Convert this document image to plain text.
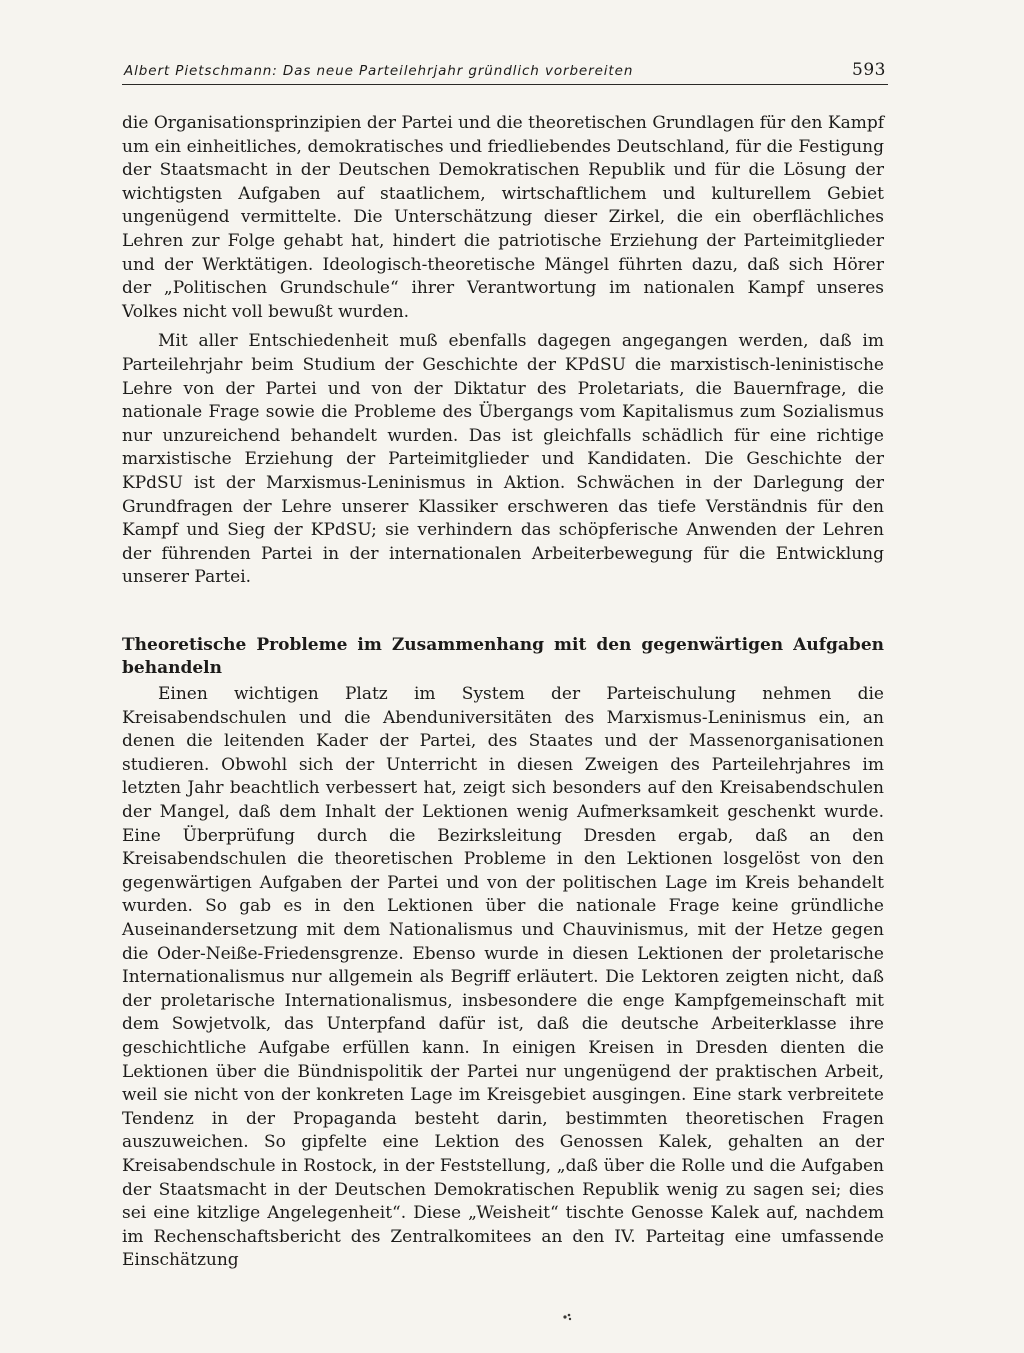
Albert Pietschmann: Das neue Parteilehrjahr gründlich vorbereiten	593

die Organisationsprinzipien der Partei und die theoretischen Grundlagen für den Kampf um ein einheitliches, demokratisches und friedliebendes Deutschland, für die Festigung der Staatsmacht in der Deutschen Demokratischen Republik und für die Lösung der wichtigsten Aufgaben auf staatlichem, wirtschaftlichem und kulturellem Gebiet ungenügend vermittelte. Die Unterschätzung dieser Zirkel, die ein oberflächliches Lehren zur Folge gehabt hat, hindert die patriotische Erziehung der Parteimitglieder und der Werktätigen. Ideologisch-theoretische Mängel führten dazu, daß sich Hörer der „Politischen Grundschule“ ihrer Verantwortung im nationalen Kampf unseres Volkes nicht voll bewußt wurden.

Mit aller Entschiedenheit muß ebenfalls dagegen angegangen werden, daß im Parteilehrjahr beim Studium der Geschichte der KPdSU die marxistisch-leninistische Lehre von der Partei und von der Diktatur des Proletariats, die Bauernfrage, die nationale Frage sowie die Probleme des Übergangs vom Kapitalismus zum Sozialismus nur unzureichend behandelt wurden. Das ist gleichfalls schädlich für eine richtige marxistische Erziehung der Parteimitglieder und Kandidaten. Die Geschichte der KPdSU ist der Marxismus-Leninismus in Aktion. Schwächen in der Darlegung der Grundfragen der Lehre unserer Klassiker erschweren das tiefe Verständnis für den Kampf und Sieg der KPdSU; sie verhindern das schöpferische Anwenden der Lehren der führenden Partei in der internationalen Arbeiterbewegung für die Entwicklung unserer Partei.

Theoretische Probleme im Zusammenhang mit den gegenwärtigen Aufgaben behandeln

Einen wichtigen Platz im System der Parteischulung nehmen die Kreisabendschulen und die Abenduniversitäten des Marxismus-Leninismus ein, an denen die leitenden Kader der Partei, des Staates und der Massenorganisationen studieren. Obwohl sich der Unterricht in diesen Zweigen des Parteilehrjahres im letzten Jahr beachtlich verbessert hat, zeigt sich besonders auf den Kreisabendschulen der Mangel, daß dem Inhalt der Lektionen wenig Aufmerksamkeit geschenkt wurde. Eine Überprüfung durch die Bezirksleitung Dresden ergab, daß an den Kreisabendschulen die theoretischen Probleme in den Lektionen losgelöst von den gegenwärtigen Aufgaben der Partei und von der politischen Lage im Kreis behandelt wurden. So gab es in den Lektionen über die nationale Frage keine gründliche Auseinandersetzung mit dem Nationalismus und Chauvinismus, mit der Hetze gegen die Oder-Neiße-Friedensgrenze. Ebenso wurde in diesen Lektionen der proletarische Internationalismus nur allgemein als Begriff erläutert. Die Lektoren zeigten nicht, daß der proletarische Internationalismus, insbesondere die enge Kampfgemeinschaft mit dem Sowjetvolk, das Unterpfand dafür ist, daß die deutsche Arbeiterklasse ihre geschichtliche Aufgabe erfüllen kann. In einigen Kreisen in Dresden dienten die Lektionen über die Bündnispolitik der Partei nur ungenügend der praktischen Arbeit, weil sie nicht von der konkreten Lage im Kreisgebiet ausgingen. Eine stark verbreitete Tendenz in der Propaganda besteht darin, bestimmten theoretischen Fragen auszuweichen. So gipfelte eine Lektion des Genossen Kalek, gehalten an der Kreisabendschule in Rostock, in der Feststellung, „daß über die Rolle und die Aufgaben der Staatsmacht in der Deutschen Demokratischen Republik wenig zu sagen sei; dies sei eine kitzlige Angelegenheit“. Diese „Weisheit“ tischte Genosse Kalek auf, nachdem im Rechenschaftsbericht des Zentralkomitees an den IV. Parteitag eine umfassende Einschätzung
